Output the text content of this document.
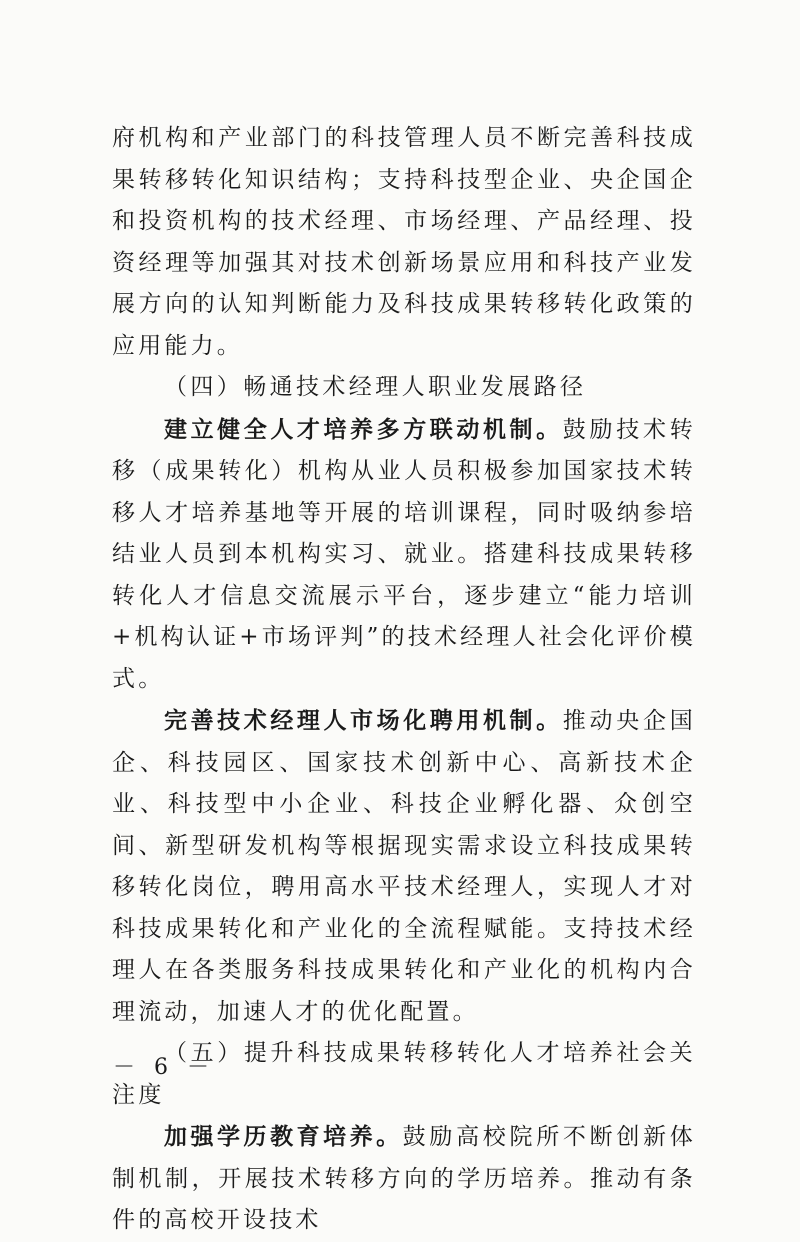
府机构和产业部门的科技管理人员不断完善科技成果转移转化知识结构；支持科技型企业、央企国企和投资机构的技术经理、市场经理、产品经理、投资经理等加强其对技术创新场景应用和科技产业发展方向的认知判断能力及科技成果转移转化政策的应用能力。

（四）畅通技术经理人职业发展路径

建立健全人才培养多方联动机制。鼓励技术转移（成果转化）机构从业人员积极参加国家技术转移人才培养基地等开展的培训课程，同时吸纳参培结业人员到本机构实习、就业。搭建科技成果转移转化人才信息交流展示平台，逐步建立“能力培训+机构认证+市场评判”的技术经理人社会化评价模式。

完善技术经理人市场化聘用机制。推动央企国企、科技园区、国家技术创新中心、高新技术企业、科技型中小企业、科技企业孵化器、众创空间、新型研发机构等根据现实需求设立科技成果转移转化岗位，聘用高水平技术经理人，实现人才对科技成果转化和产业化的全流程赋能。支持技术经理人在各类服务科技成果转化和产业化的机构内合理流动，加速人才的优化配置。

（五）提升科技成果转移转化人才培养社会关注度

加强学历教育培养。鼓励高校院所不断创新体制机制，开展技术转移方向的学历培养。推动有条件的高校开设技术

－ 6 －
